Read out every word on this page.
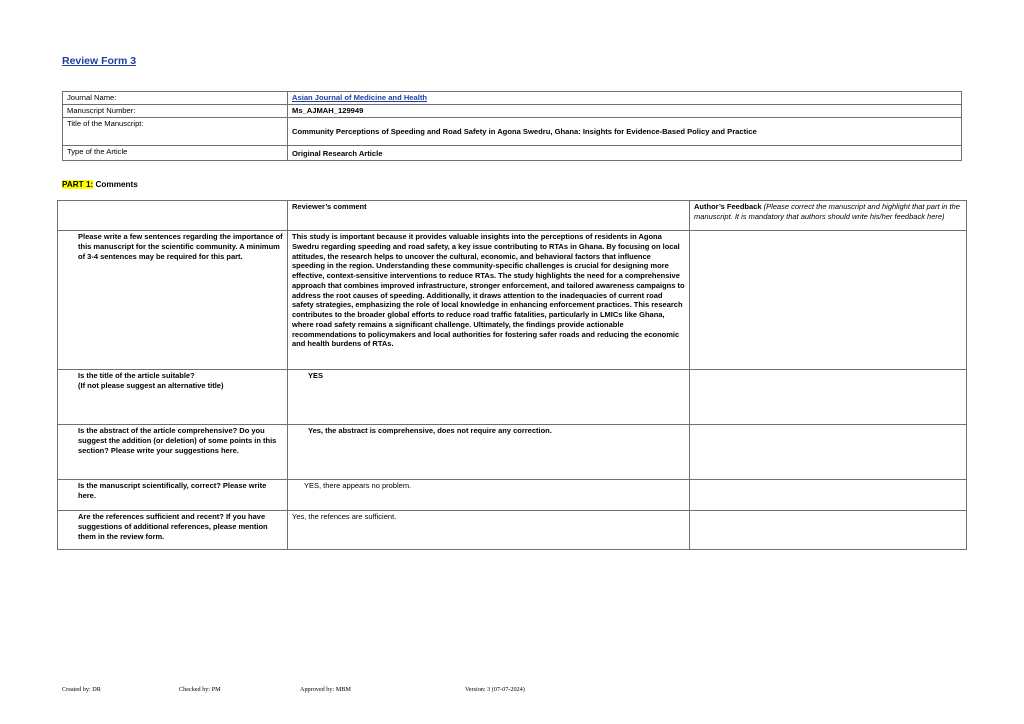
Review Form 3
Journal Name:	Asian Journal of Medicine and Health
Manuscript Number:	Ms_AJMAH_129949
Title of the Manuscript:	Community Perceptions of Speeding and Road Safety in Agona Swedru, Ghana: Insights for Evidence-Based Policy and Practice
Type of the Article	Original Research Article
PART 1: Comments
	Reviewer’s comment	Author’s Feedback (Please correct the manuscript and highlight that part in the manuscript. It is mandatory that authors should write his/her feedback here)
Please write a few sentences regarding the importance of this manuscript for the scientific community. A minimum of 3-4 sentences may be required for this part.	This study is important because it provides valuable insights into the perceptions of residents in Agona Swedru regarding speeding and road safety, a key issue contributing to RTAs in Ghana. By focusing on local attitudes, the research helps to uncover the cultural, economic, and behavioral factors that influence speeding in the region. Understanding these community-specific challenges is crucial for designing more effective, context-sensitive interventions to reduce RTAs. The study highlights the need for a comprehensive approach that combines improved infrastructure, stronger enforcement, and tailored awareness campaigns to address the root causes of speeding. Additionally, it draws attention to the inadequacies of current road safety strategies, emphasizing the role of local knowledge in enhancing enforcement practices. This research contributes to the broader global efforts to reduce road traffic fatalities, particularly in LMICs like Ghana, where road safety remains a significant challenge. Ultimately, the findings provide actionable recommendations to policymakers and local authorities for fostering safer roads and reducing the economic and health burdens of RTAs.	
Is the title of the article suitable?
(If not please suggest an alternative title)	YES	
Is the abstract of the article comprehensive? Do you suggest the addition (or deletion) of some points in this section? Please write your suggestions here.	Yes, the abstract is comprehensive, does not require any correction.	
Is the manuscript scientifically, correct? Please write here.	YES, there appears no problem.	
Are the references sufficient and recent? If you have suggestions of additional references, please mention them in the review form.	Yes, the refences are sufficient.	
Created by: DR	Checked by: PM	Approved by: MBM	Version: 3 (07-07-2024)
